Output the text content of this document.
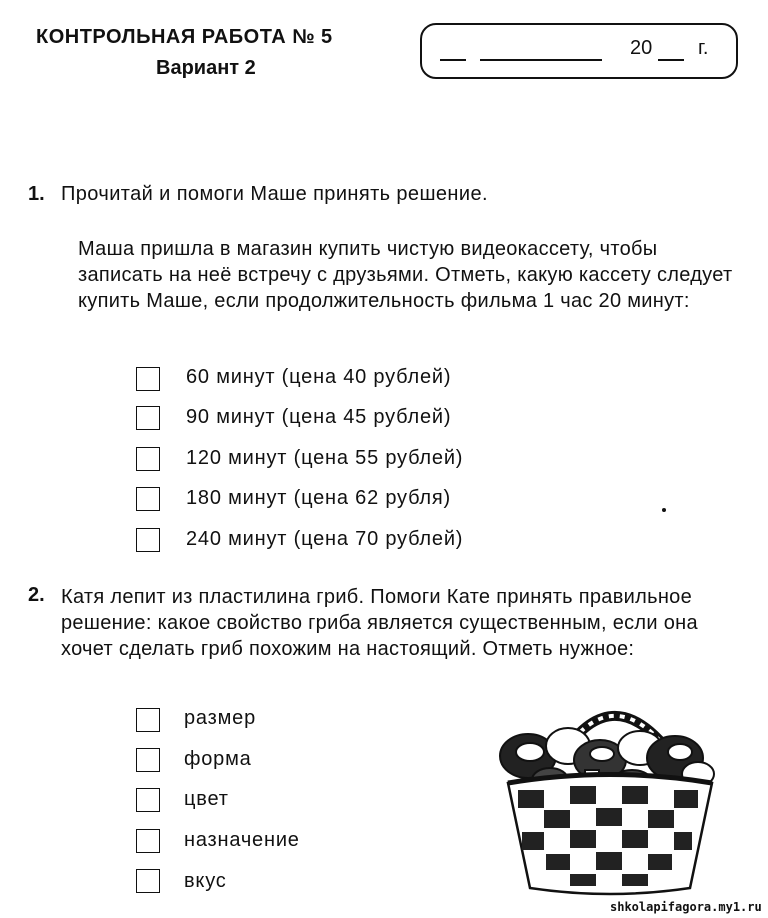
КОНТРОЛЬНАЯ РАБОТА № 5
Вариант 2
20 г.
1. Прочитай и помоги Маше принять решение.
Маша пришла в магазин купить чистую видеокассету, чтобы записать на неё встречу с друзьями. Отметь, какую кассету следует купить Маше, если продолжительность фильма 1 час 20 минут:
60 минут (цена 40 рублей)
90 минут (цена 45 рублей)
120 минут (цена 55 рублей)
180 минут (цена 62 рубля)
240 минут (цена 70 рублей)
2. Катя лепит из пластилина гриб. Помоги Кате принять правильное решение: какое свойство гриба является существенным, если она хочет сделать гриб похожим на настоящий. Отметь нужное:
размер
форма
цвет
назначение
вкус
shkolapifagora.my1.ru
